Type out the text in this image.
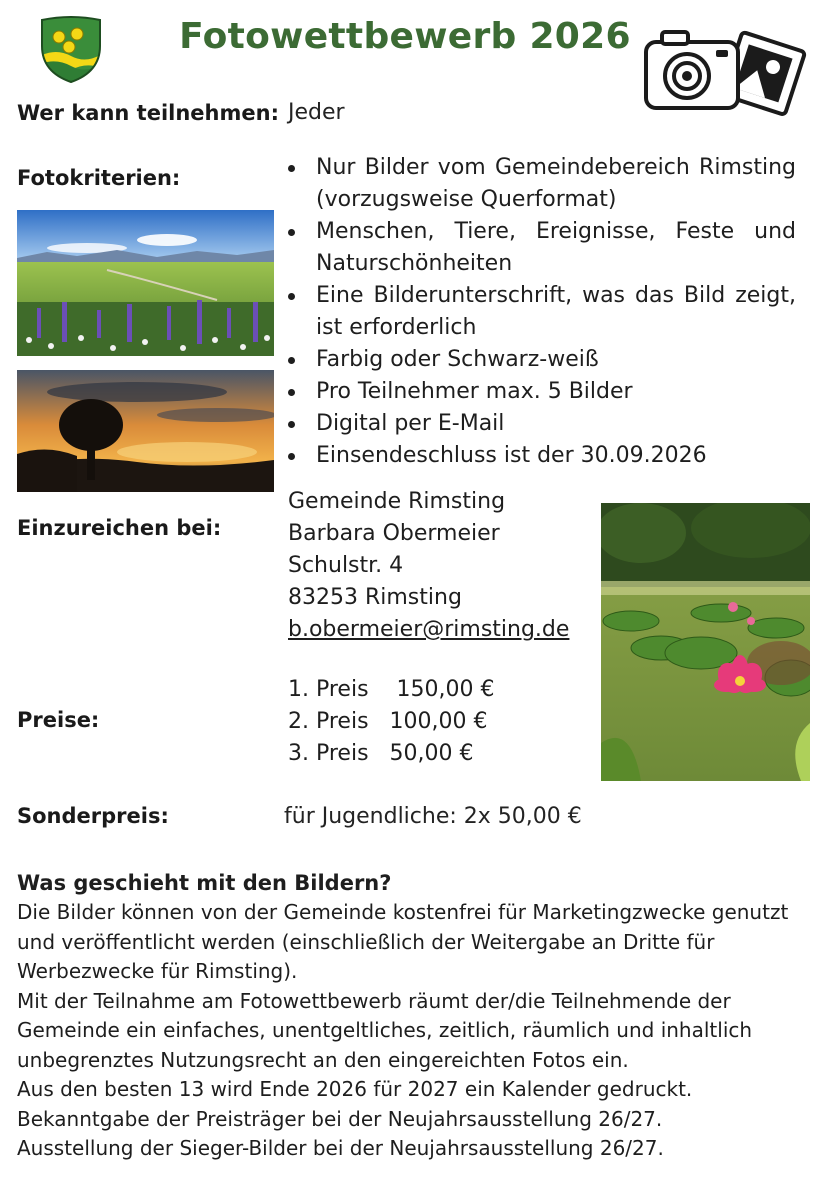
Fotowettbewerb 2026
Wer kann teilnehmen: Jeder
Fotokriterien:	Nur Bilder vom Gemeindebereich Rimsting (vorzugsweise Querformat)
Menschen, Tiere, Ereignisse, Feste und Naturschönheiten
Eine Bilderunterschrift, was das Bild zeigt, ist erforderlich
Farbig oder Schwarz-weiß
Pro Teilnehmer max. 5 Bilder
Digital per E-Mail
Einsendeschluss ist der 30.09.2026
Einzureichen bei:
Gemeinde Rimsting
Barbara Obermeier
Schulstr. 4
83253 Rimsting
b.obermeier@rimsting.de
Preise:
1. Preis    150,00 €
2. Preis   100,00 €
3. Preis   50,00 €
Sonderpreis:	für Jugendliche: 2x 50,00 €
Was geschieht mit den Bildern?
Die Bilder können von der Gemeinde kostenfrei für Marketingzwecke genutzt und veröffentlicht werden (einschließlich der Weitergabe an Dritte für Werbezwecke für Rimsting).
Mit der Teilnahme am Fotowettbewerb räumt der/die Teilnehmende der Gemeinde ein einfaches, unentgeltliches, zeitlich, räumlich und inhaltlich unbegrenztes Nutzungsrecht an den eingereichten Fotos ein.
Aus den besten 13 wird Ende 2026 für 2027 ein Kalender gedruckt.
Bekanntgabe der Preisträger bei der Neujahrsausstellung 26/27.
Ausstellung der Sieger-Bilder bei der Neujahrsausstellung 26/27.
